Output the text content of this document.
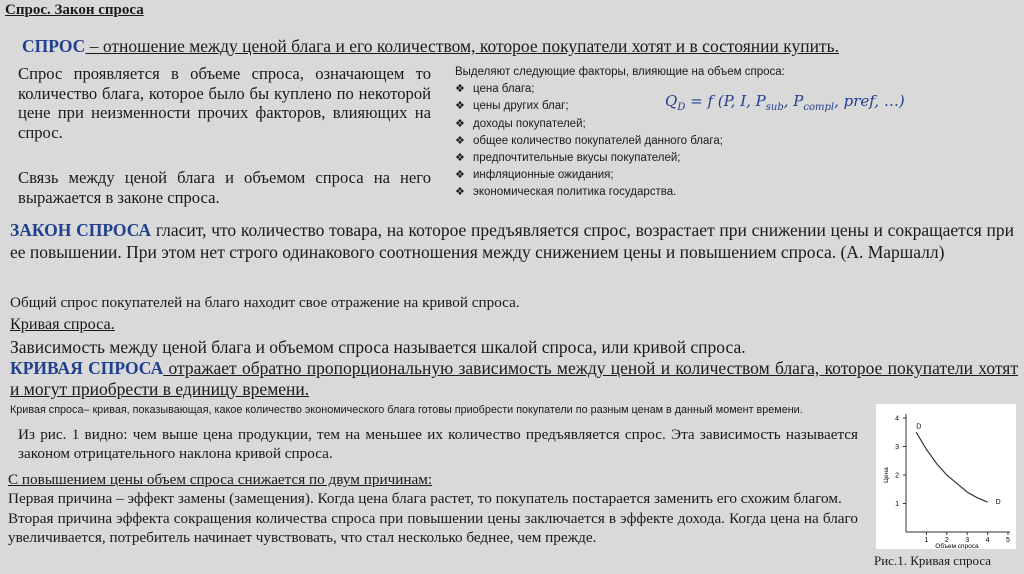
Спрос. Закон спроса
СПРОС – отношение между ценой блага и его количеством, которое покупатели хотят и в состоянии купить.
Спрос проявляется в объеме спроса, означающем то количество блага, которое было бы куплено по некоторой цене при неизменности прочих факторов, влияющих на спрос.
Связь между ценой блага и объемом спроса на него выражается в законе спроса.
Выделяют следующие факторы, влияющие на объем спроса:
❖ цена блага;
❖ цены других благ;
❖ доходы покупателей;
❖ общее количество покупателей данного блага;
❖ предпочтительные вкусы покупателей;
❖ инфляционные ожидания;
❖ экономическая политика государства.
$Q_D = f$ (P, I, $P_{sub}$, $P_{compl}$, pref, …)
ЗАКОН СПРОСА гласит, что количество товара, на которое предъявляется спрос, возрастает при снижении цены и сокращается при ее повышении. При этом нет строго одинакового соотношения между снижением цены и повышением спроса. (А. Маршалл)
Общий спрос покупателей на благо находит свое отражение на кривой спроса.
Кривая спроса.
Зависимость между ценой блага и объемом спроса называется шкалой спроса, или кривой спроса.
КРИВАЯ СПРОСА отражает обратно пропорциональную зависимость между ценой и количеством блага, которое покупатели хотят и могут приобрести в единицу времени.
Кривая спроса– кривая, показывающая, какое количество экономического блага готовы приобрести покупатели по разным ценам в данный момент времени.
Из рис. 1 видно: чем выше цена продукции, тем на меньшее их количество предъявляется спрос. Эта зависимость называется законом отрицательного наклона кривой спроса.

С повышением цены объем спроса снижается по двум причинам:

Первая причина – эффект замены (замещения). Когда цена блага растет, то покупатель постарается заменить его схожим благом.

Вторая причина эффекта сокращения количества спроса при повышении цены заключается в эффекте дохода. Когда цена на благо увеличивается, потребитель начинает чувствовать, что стал несколько беднее, чем прежде.	1 2 3 4 5
1
2
3
4
D
D
Объем спроса
Цена
Рис.1. Кривая спроса
